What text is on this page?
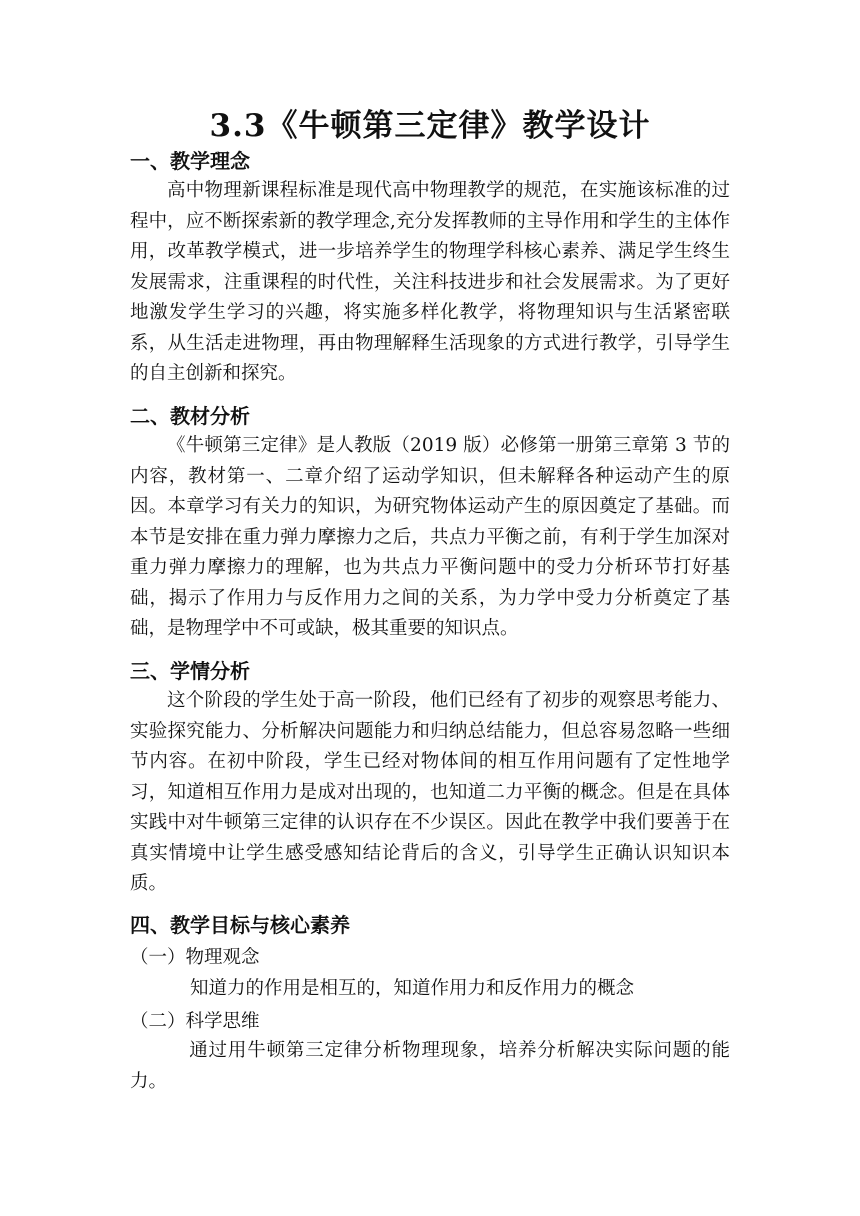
3.3《牛顿第三定律》教学设计
一、教学理念

高中物理新课程标准是现代高中物理教学的规范，在实施该标准的过程中，应不断探索新的教学理念,充分发挥教师的主导作用和学生的主体作用，改革教学模式，进一步培养学生的物理学科核心素养、满足学生终生发展需求，注重课程的时代性，关注科技进步和社会发展需求。为了更好地激发学生学习的兴趣，将实施多样化教学，将物理知识与生活紧密联系，从生活走进物理，再由物理解释生活现象的方式进行教学，引导学生的自主创新和探究。

二、教材分析

《牛顿第三定律》是人教版（2019 版）必修第一册第三章第 3 节的内容，教材第一、二章介绍了运动学知识，但未解释各种运动产生的原因。本章学习有关力的知识，为研究物体运动产生的原因奠定了基础。而本节是安排在重力弹力摩擦力之后，共点力平衡之前，有利于学生加深对重力弹力摩擦力的理解，也为共点力平衡问题中的受力分析环节打好基础，揭示了作用力与反作用力之间的关系，为力学中受力分析奠定了基础，是物理学中不可或缺，极其重要的知识点。

三、学情分析

这个阶段的学生处于高一阶段，他们已经有了初步的观察思考能力、实验探究能力、分析解决问题能力和归纳总结能力，但总容易忽略一些细节内容。在初中阶段，学生已经对物体间的相互作用问题有了定性地学习，知道相互作用力是成对出现的，也知道二力平衡的概念。但是在具体实践中对牛顿第三定律的认识存在不少误区。因此在教学中我们要善于在真实情境中让学生感受感知结论背后的含义，引导学生正确认识知识本质。

四、教学目标与核心素养
（一）物理观念
知道力的作用是相互的，知道作用力和反作用力的概念
（二）科学思维

通过用牛顿第三定律分析物理现象，培养分析解决实际问题的能力。
